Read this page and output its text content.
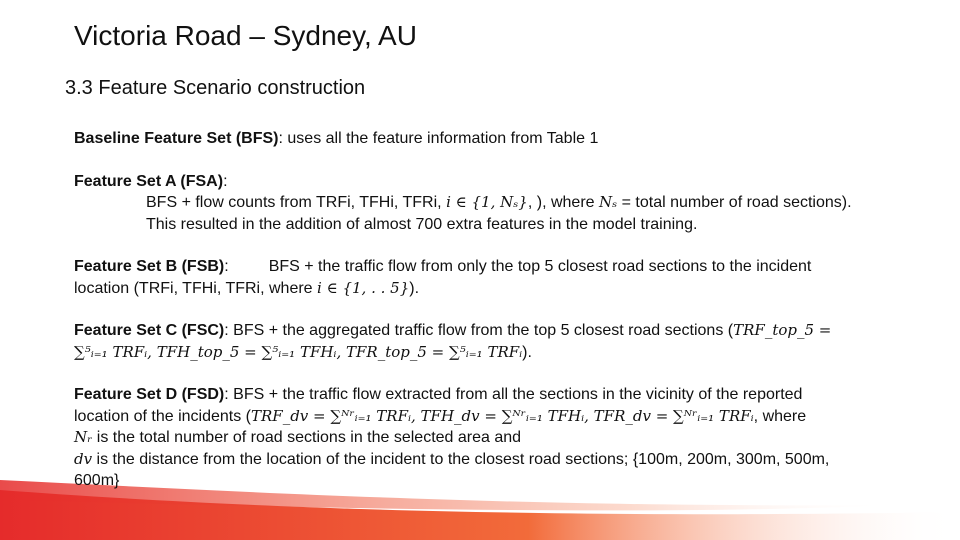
Victoria Road – Sydney, AU
3.3 Feature Scenario construction
Baseline Feature Set (BFS): uses all the feature information from Table 1
Feature Set A (FSA):
BFS + flow counts from TRFi, TFHi, TFRi, i ∈ {1, Nₛ}, ), where Nₛ = total number of road sections).
This resulted in the addition of almost 700 extra features in the model training.
Feature Set B (FSB):	BFS + the traffic flow from only the top 5 closest road sections to the incident
location (TRFi, TFHi, TFRi, where i ∈ {1, . . 5}).
Feature Set C (FSC): BFS + the aggregated traffic flow from the top 5 closest road sections (TRF_top_5 =
∑⁵ᵢ₌₁ TRFᵢ, TFH_top_5 = ∑⁵ᵢ₌₁ TFHᵢ, TFR_top_5 = ∑⁵ᵢ₌₁ TRFᵢ).
Feature Set D (FSD): BFS + the traffic flow extracted from all the sections in the vicinity of the reported
location of the incidents (TRF_dv = ∑ᴺʳᵢ₌₁ TRFᵢ, TFH_dv = ∑ᴺʳᵢ₌₁ TFHᵢ, TFR_dv = ∑ᴺʳᵢ₌₁ TRFᵢ, where
Nᵣ is the total number of road sections in the selected area and
dv is the distance from the location of the incident to the closest road sections; {100m, 200m, 300m, 500m,
600m}
